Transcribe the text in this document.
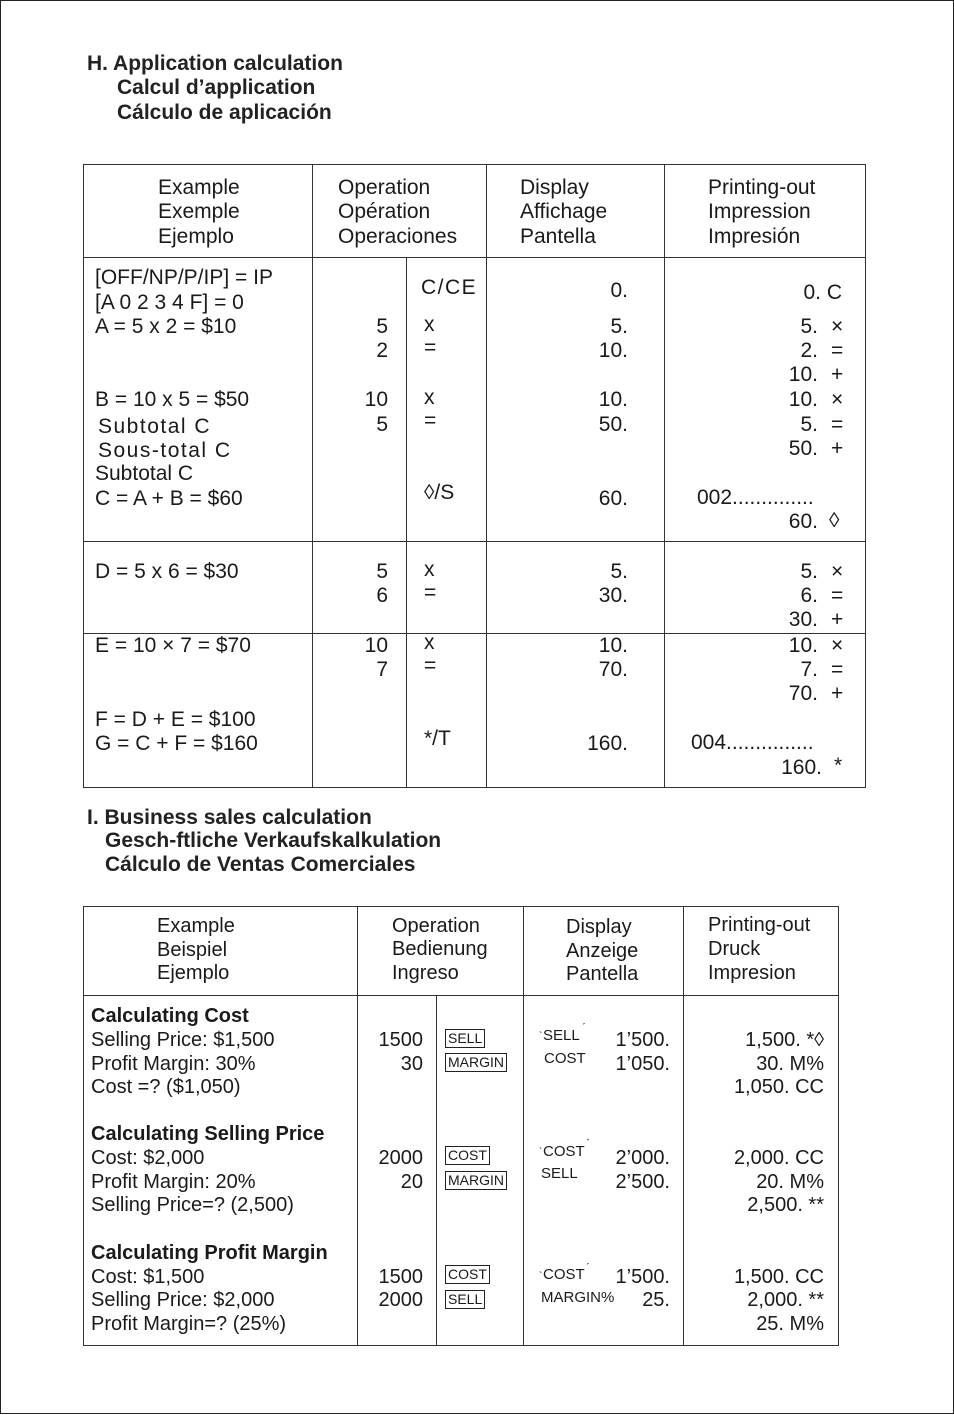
H. Application calculation
Calcul d’application
Cálculo de aplicación
Example
Exemple
Ejemplo
Operation
Opération
Operaciones
Display
Affichage
Pantella
Printing-out
Impression
Impresión
[OFF/NP/P/IP] = IP
[A 0 2 3 4 F] = 0
A = 5 x 2 = $10
B = 10 x 5 = $50
Subtotal C
Sous-total C
Subtotal C
C = A + B = $60
5
2
10
5
C/CE
x
=
x
=
◊/S
0.
5.
10.
10.
50.
60.
0. C
5.
2.
10.
10.
5.
50.
002..............
60.
×
=
+
×
=
+
◊
D = 5 x 6 = $30	5
6
x
=
5.
30.
5.
6.
30.
×
=
+
E = 10 × 7 = $70
F = D + E = $100
G = C + F = $160
10
7
x
=
*/T
10.
70.
160.
10.
7.
70.
004...............
160.
×
=
+
*
I. Business sales calculation
Gesch-ftliche Verkaufskalkulation
Cálculo de Ventas Comerciales
Example
Beispiel
Ejemplo
Operation
Bedienung
Ingreso
Display
Anzeige
Pantella
Printing-out
Druck
Impresion
Calculating Cost
Selling Price: $1,500
Profit Margin: 30%
Cost =? ($1,050)
1500
30
SELL
MARGIN
ˎ SELL ˊ
COST
1’500.
1’050.
1,500. *◊
30. M%
1,050. CC
Calculating Selling Price
Cost: $2,000
Profit Margin: 20%
Selling Price=? (2,500)
2000
20
COST
MARGIN
ˎ COST ˊ
SELL
2’000.
2’500.
2,000. CC
20. M%
2,500. **
Calculating Profit Margin
Cost: $1,500
Selling Price: $2,000
Profit Margin=? (25%)
1500
2000
COST
SELL
ˎ COST ˊ
MARGIN%
1’500.
25.
1,500. CC
2,000. **
25. M%
